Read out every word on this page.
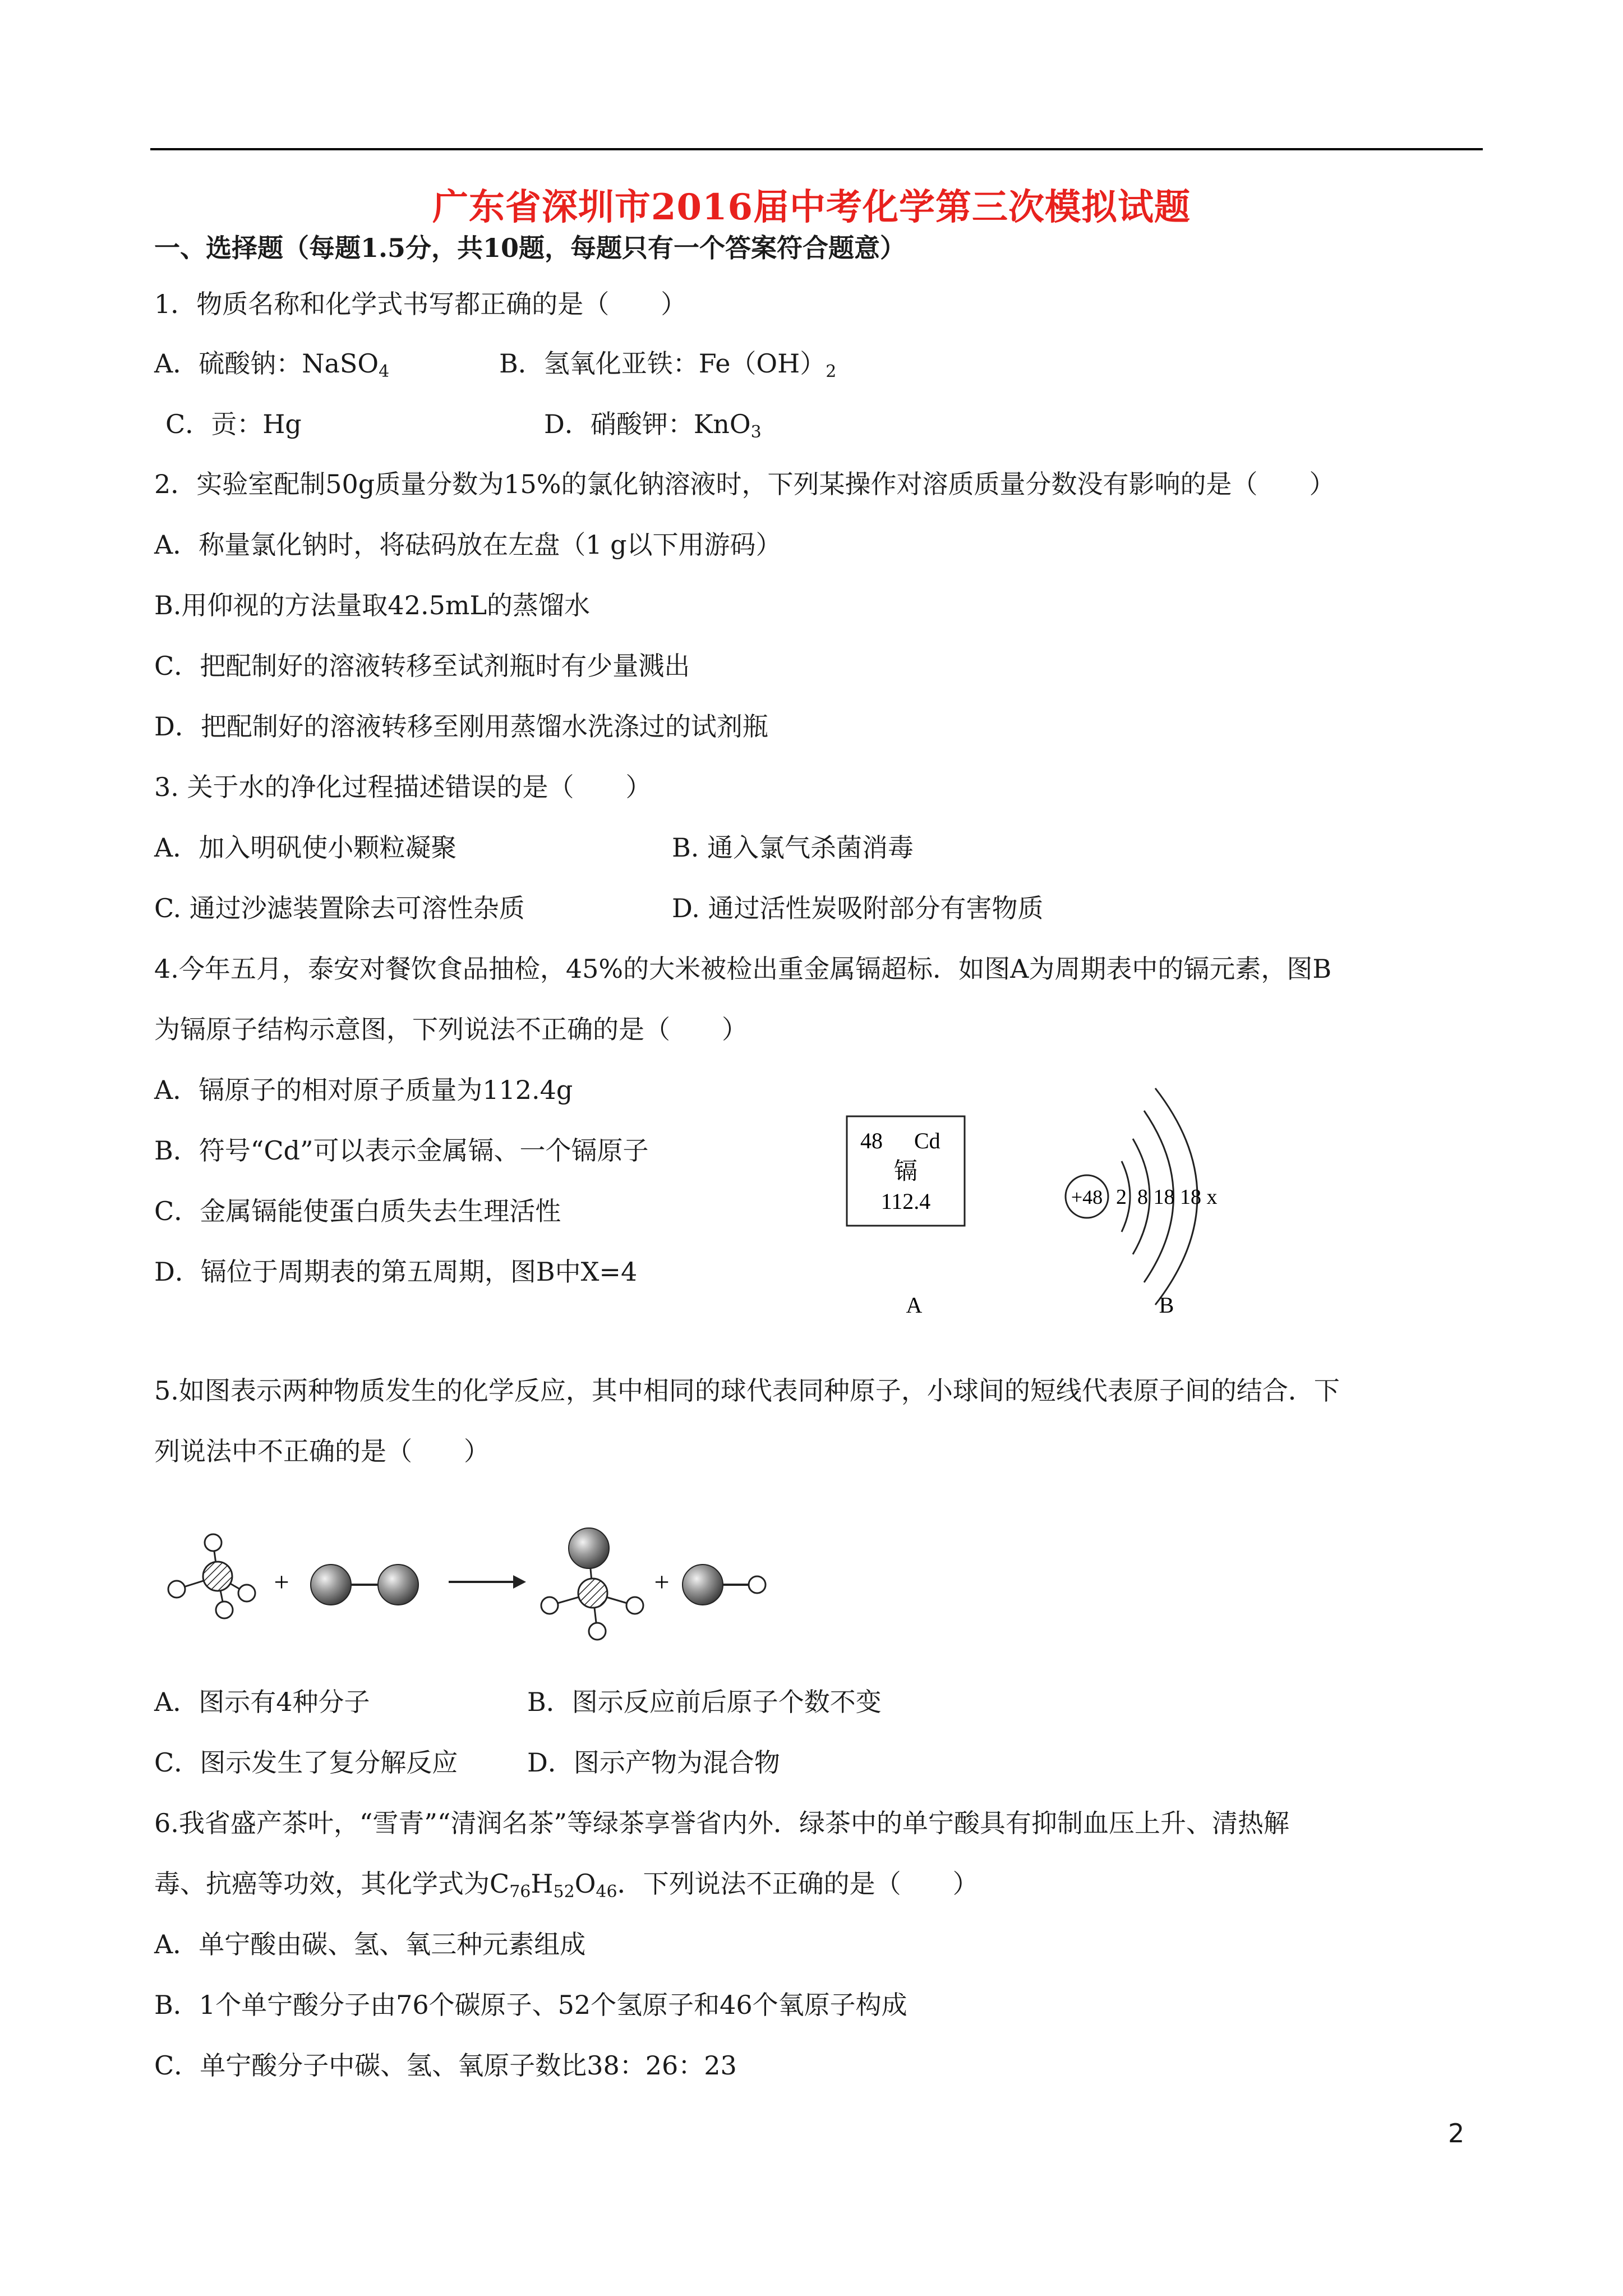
广东省深圳市2016届中考化学第三次模拟试题
一、选择题（每题1.5分，共10题，每题只有一个答案符合题意）
1．物质名称和化学式书写都正确的是（　　）
A．硫酸钠：NaSO$_4$	B．氢氧化亚铁：$Fe(OH)_2$
C．贡：Hg	D．硝酸钾：KnO$_3$
2．实验室配制50g质量分数为15%的氯化钠溶液时，下列某操作对溶质质量分数没有影响的是（　　）
A．称量氯化钠时，将砝码放在左盘（1 g以下用游码）
B.用仰视的方法量取42.5mL的蒸馏水
C．把配制好的溶液转移至试剂瓶时有少量溅出
D．把配制好的溶液转移至刚用蒸馏水洗涤过的试剂瓶
3. 关于水的净化过程描述错误的是（　　）
A．加入明矾使小颗粒凝聚	B. 通入氯气杀菌消毒
C. 通过沙滤装置除去可溶性杂质	D. 通过活性炭吸附部分有害物质
4.今年五月，泰安对餐饮食品抽检，45%的大米被检出重金属镉超标．如图A为周期表中的镉元素，图B
为镉原子结构示意图，下列说法不正确的是（　　）
A．镉原子的相对原子质量为112.4g
B．符号“Cd”可以表示金属镉、一个镉原子
C．金属镉能使蛋白质失去生理活性
D．镉位于周期表的第五周期，图B中X=4
48 Cd
镉
112.4
A
+48 2  8 18 18 x
B
5.如图表示两种物质发生的化学反应，其中相同的球代表同种原子，小球间的短线代表原子间的结合．下
列说法中不正确的是（　　）
+	+
A．图示有4种分子	B．图示反应前后原子个数不变
C．图示发生了复分解反应	D．图示产物为混合物
6.我省盛产茶叶，“雪青”“清润名茶”等绿茶享誉省内外．绿茶中的单宁酸具有抑制血压上升、清热解
毒、抗癌等功效，其化学式为$C_{76}H_{52}O_{46}$．下列说法不正确的是（　　）
A．单宁酸由碳、氢、氧三种元素组成
B．1个单宁酸分子由76个碳原子、52个氢原子和46个氧原子构成
C．单宁酸分子中碳、氢、氧原子数比38：26：23
2
